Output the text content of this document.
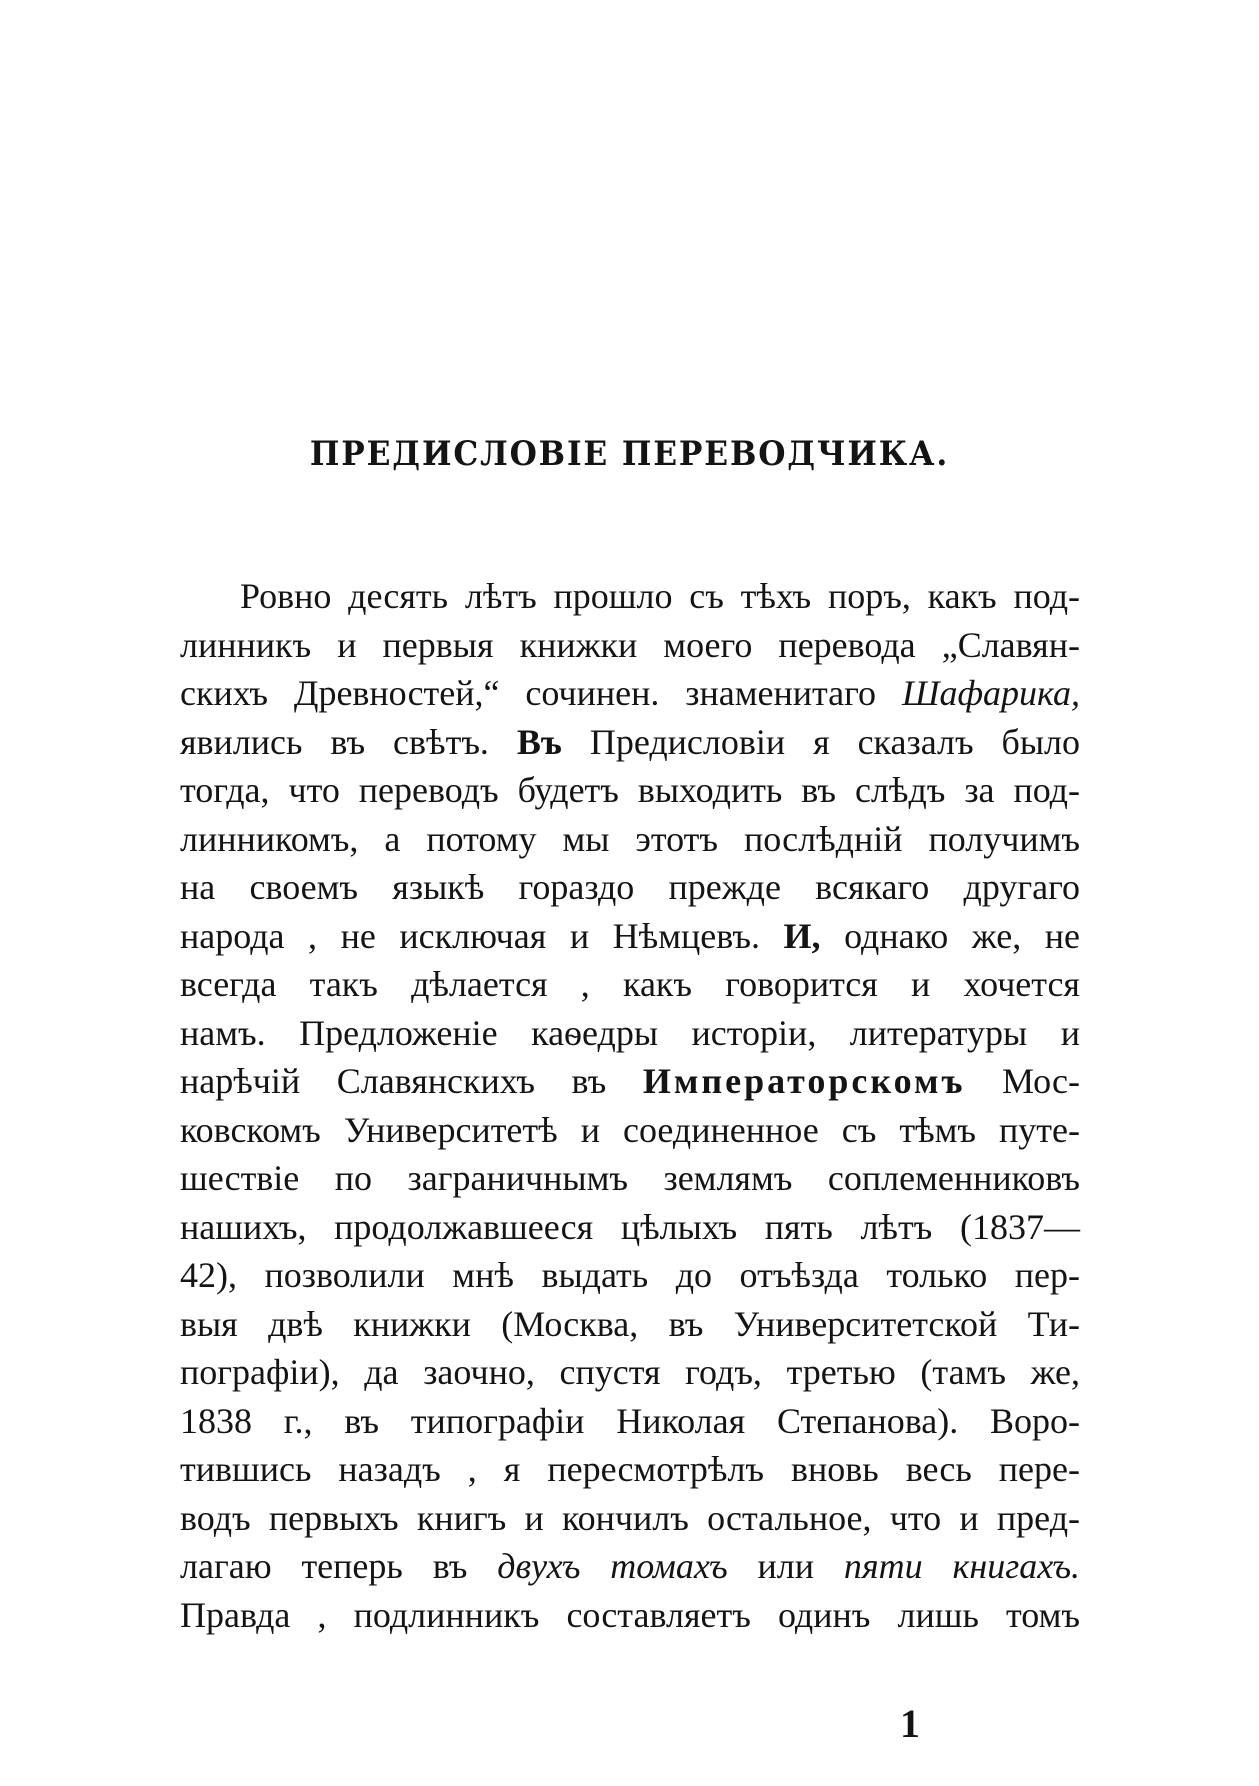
ПРЕДИСЛОВІЕ ПЕРЕВОДЧИКА.
Ровно десять лѣтъ прошло съ тѣхъ поръ, какъ под-
линникъ и первыя книжки моего перевода „Славян-
скихъ Древностей,“ сочинен. знаменитаго Шафарика,
явились въ свѣтъ. Въ Предисловіи я сказалъ было
тогда, что переводъ будетъ выходить въ слѣдъ за под-
линникомъ, а потому мы этотъ послѣдній получимъ
на своемъ языкѣ гораздо прежде всякаго другаго
народа , не исключая и Нѣмцевъ. И, однако же, не
всегда такъ дѣлается , какъ говорится и хочется
намъ. Предложеніе каѳедры исторіи, литературы и
нарѣчій Славянскихъ въ Императорскомъ Мос-
ковскомъ Университетѣ и соединенное съ тѣмъ путе-
шествіе по заграничнымъ землямъ соплеменниковъ
нашихъ, продолжавшееся цѣлыхъ пять лѣтъ (1837—
42), позволили мнѣ выдать до отъѣзда только пер-
выя двѣ книжки (Москва, въ Университетской Ти-
пографіи), да заочно, спустя годъ, третью (тамъ же,
1838 г., въ типографіи Николая Степанова). Воро-
тившись назадъ , я пересмотрѣлъ вновь весь пере-
водъ первыхъ книгъ и кончилъ остальное, что и пред-
лагаю теперь въ двухъ томахъ или пяти книгахъ.
Правда , подлинникъ составляетъ одинъ лишь томъ
1
